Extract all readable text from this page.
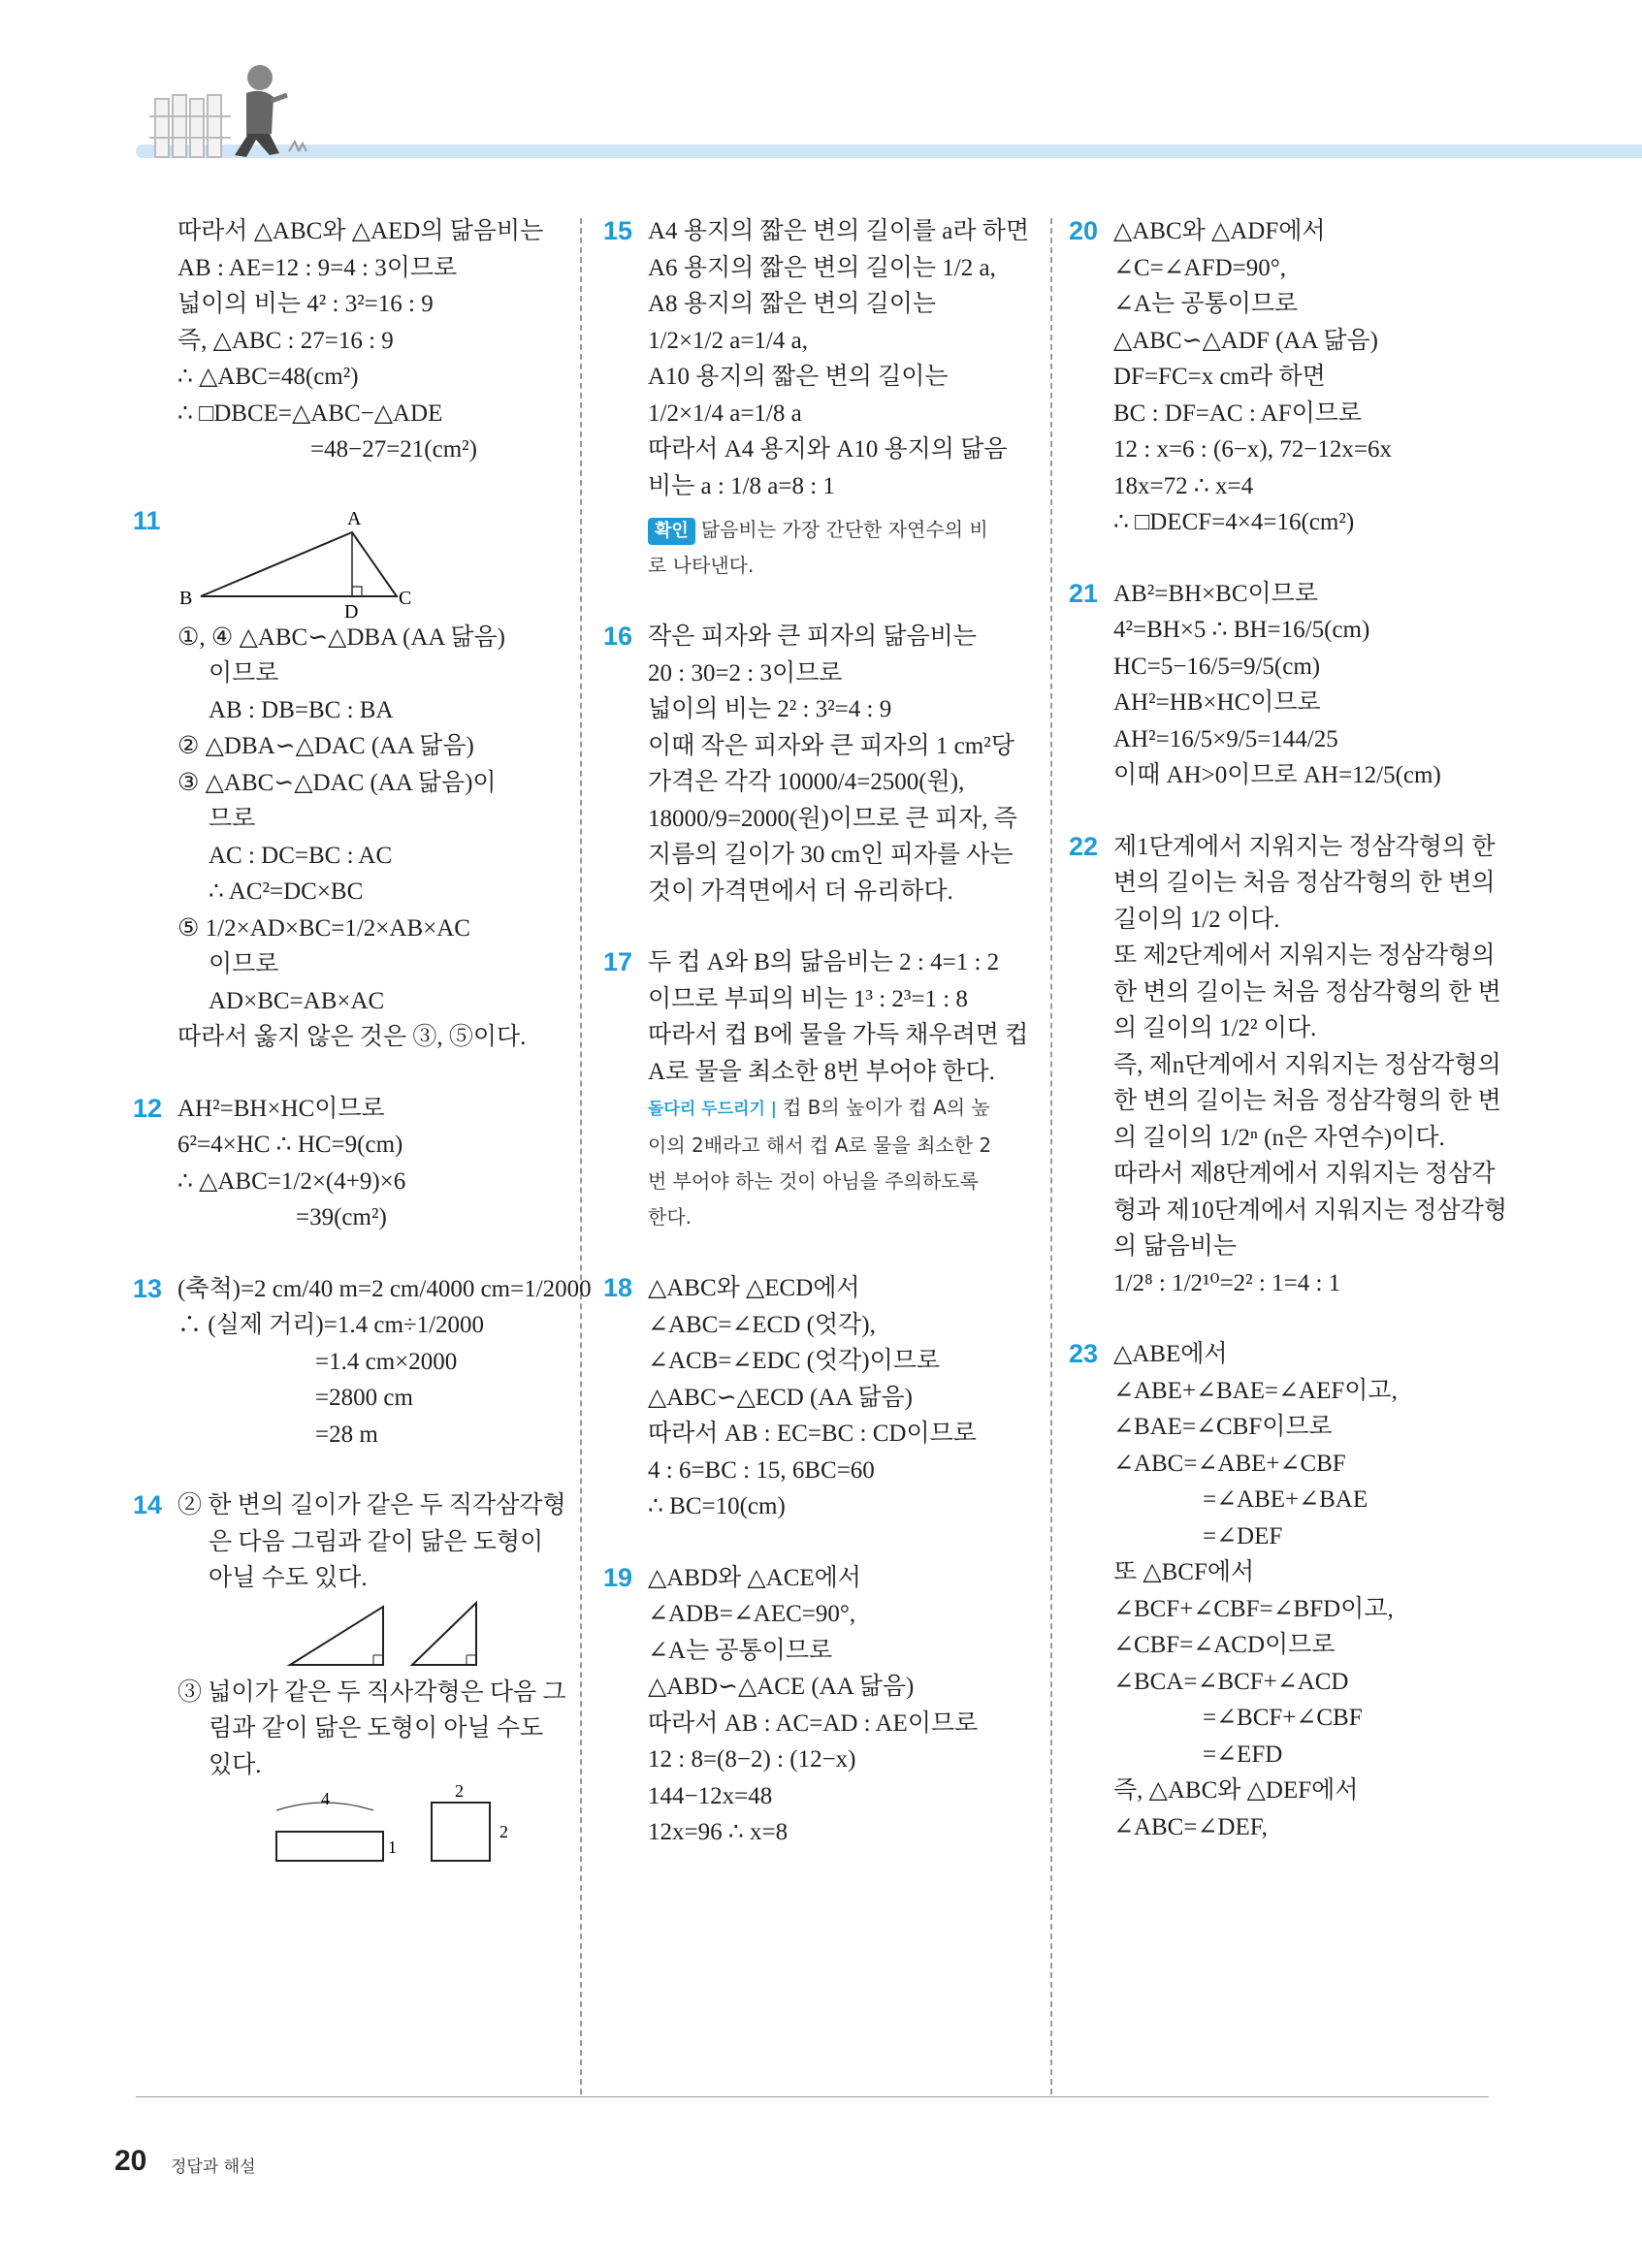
따라서 △ABC와 △AED의 닮음비는
AB : AE=12 : 9=4 : 3이므로
넓이의 비는 4² : 3²=16 : 9
즉, △ABC : 27=16 : 9
∴ △ABC=48(cm²)
∴ □DBCE=△ABC−△ADE
=48−27=21(cm²)
11	A
B	C
D
①, ④ △ABC∽△DBA (AA 닮음)
이므로
AB : DB=BC : BA
② △DBA∽△DAC (AA 닮음)
③ △ABC∽△DAC (AA 닮음)이
므로
AC : DC=BC : AC
∴ AC²=DC×BC
⑤ 1/2×AD×BC=1/2×AB×AC
이므로
AD×BC=AB×AC
따라서 옳지 않은 것은 ③, ⑤이다.
12 AH²=BH×HC이므로
6²=4×HC ∴ HC=9(cm)
∴ △ABC=1/2×(4+9)×6
=39(cm²)
13 (축척)=2 cm/40 m=2 cm/4000 cm=1/2000
∴ (실제 거리)=1.4 cm÷1/2000
=1.4 cm×2000
=2800 cm
=28 m
14 ② 한 변의 길이가 같은 두 직각삼각형
은 다음 그림과 같이 닮은 도형이
아닐 수도 있다.
③ 넓이가 같은 두 직사각형은 다음 그
림과 같이 닮은 도형이 아닐 수도
있다.
4
1
2
2
15 A4 용지의 짧은 변의 길이를 a라 하면
A6 용지의 짧은 변의 길이는 1/2 a,
A8 용지의 짧은 변의 길이는
1/2×1/2 a=1/4 a,
A10 용지의 짧은 변의 길이는
1/2×1/4 a=1/8 a
따라서 A4 용지와 A10 용지의 닮음
비는 a : 1/8 a=8 : 1
확인 닮음비는 가장 간단한 자연수의 비
로 나타낸다.
16 작은 피자와 큰 피자의 닮음비는
20 : 30=2 : 3이므로
넓이의 비는 2² : 3²=4 : 9
이때 작은 피자와 큰 피자의 1 cm²당
가격은 각각 10000/4=2500(원),
18000/9=2000(원)이므로 큰 피자, 즉
지름의 길이가 30 cm인 피자를 사는
것이 가격면에서 더 유리하다.
17 두 컵 A와 B의 닮음비는 2 : 4=1 : 2
이므로 부피의 비는 1³ : 2³=1 : 8
따라서 컵 B에 물을 가득 채우려면 컵
A로 물을 최소한 8번 부어야 한다.
돌다리 두드리기 | 컵 B의 높이가 컵 A의 높
이의 2배라고 해서 컵 A로 물을 최소한 2
번 부어야 하는 것이 아님을 주의하도록
한다.
18 △ABC와 △ECD에서
∠ABC=∠ECD (엇각),
∠ACB=∠EDC (엇각)이므로
△ABC∽△ECD (AA 닮음)
따라서 AB : EC=BC : CD이므로
4 : 6=BC : 15, 6BC=60
∴ BC=10(cm)
19 △ABD와 △ACE에서
∠ADB=∠AEC=90°,
∠A는 공통이므로
△ABD∽△ACE (AA 닮음)
따라서 AB : AC=AD : AE이므로
12 : 8=(8−2) : (12−x)
144−12x=48
12x=96 ∴ x=8
20 △ABC와 △ADF에서
∠C=∠AFD=90°,
∠A는 공통이므로
△ABC∽△ADF (AA 닮음)
DF=FC=x cm라 하면
BC : DF=AC : AF이므로
12 : x=6 : (6−x), 72−12x=6x
18x=72 ∴ x=4
∴ □DECF=4×4=16(cm²)
21 AB²=BH×BC이므로
4²=BH×5 ∴ BH=16/5(cm)
HC=5−16/5=9/5(cm)
AH²=HB×HC이므로
AH²=16/5×9/5=144/25
이때 AH>0이므로 AH=12/5(cm)
22 제1단계에서 지워지는 정삼각형의 한
변의 길이는 처음 정삼각형의 한 변의
길이의 1/2 이다.
또 제2단계에서 지워지는 정삼각형의
한 변의 길이는 처음 정삼각형의 한 변
의 길이의 1/2² 이다.
즉, 제n단계에서 지워지는 정삼각형의
한 변의 길이는 처음 정삼각형의 한 변
의 길이의 1/2ⁿ (n은 자연수)이다.
따라서 제8단계에서 지워지는 정삼각
형과 제10단계에서 지워지는 정삼각형
의 닮음비는
1/2⁸ : 1/2¹⁰=2² : 1=4 : 1
23 △ABE에서
∠ABE+∠BAE=∠AEF이고,
∠BAE=∠CBF이므로
∠ABC=∠ABE+∠CBF
=∠ABE+∠BAE
=∠DEF
또 △BCF에서
∠BCF+∠CBF=∠BFD이고,
∠CBF=∠ACD이므로
∠BCA=∠BCF+∠ACD
=∠BCF+∠CBF
=∠EFD
즉, △ABC와 △DEF에서
∠ABC=∠DEF,
20 정답과 해설
